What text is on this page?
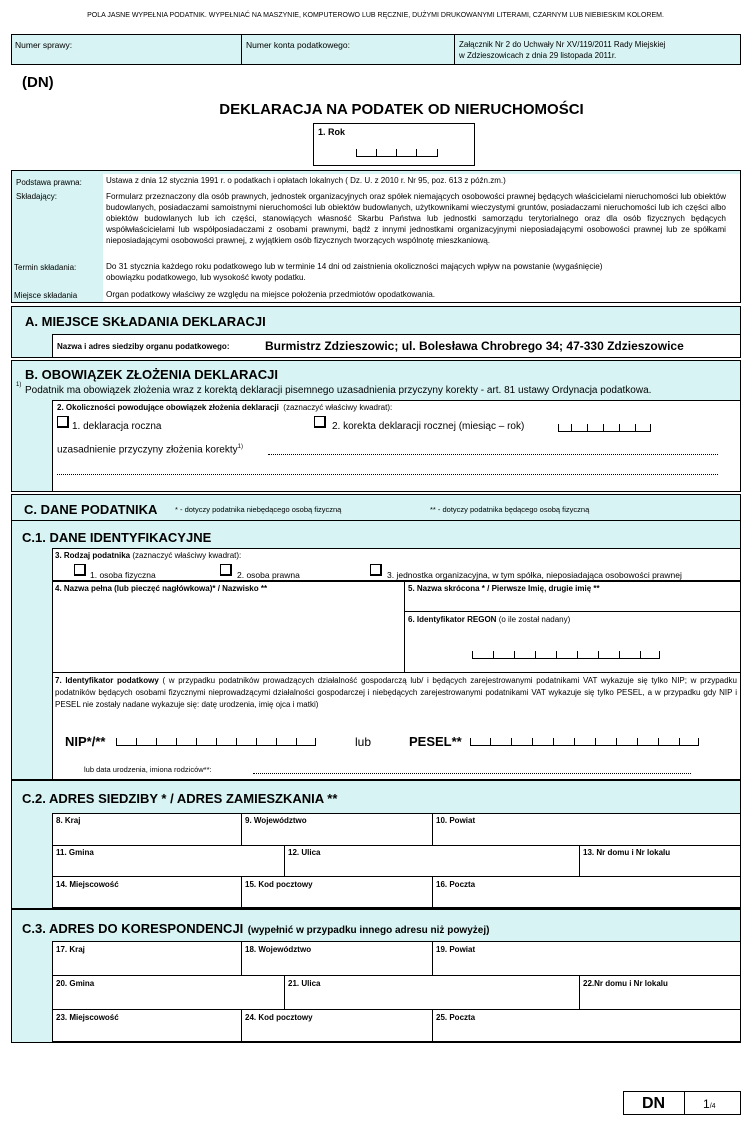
POLA JASNE WYPEŁNIA PODATNIK. WYPEŁNIAĆ NA MASZYNIE, KOMPUTEROWO LUB RĘCZNIE, DUŻYMI DRUKOWANYMI LITERAMI, CZARNYM LUB NIEBIESKIM KOLOREM.
Numer sprawy:	Numer konta podatkowego:	Załącznik Nr 2 do Uchwały Nr XV/119/2011 Rady Miejskiej
w Zdzieszowicach z dnia 29 listopada 2011r.
(DN)
DEKLARACJA NA PODATEK OD NIERUCHOMOŚCI
1. Rok
Podstawa prawna:	Ustawa z dnia 12 stycznia 1991 r. o podatkach i opłatach lokalnych ( Dz. U. z 2010 r. Nr 95, poz. 613 z późn.zm.)
Składający:	Formularz przeznaczony dla osób prawnych, jednostek organizacyjnych oraz spółek niemających osobowości prawnej będących właścicielami nieruchomości lub obiektów budowlanych, posiadaczami samoistnymi nieruchomości lub obiektów budowlanych, użytkownikami wieczystymi gruntów, posiadaczami nieruchomości lub ich części albo obiektów budowlanych lub ich części, stanowiących własność Skarbu Państwa lub jednostki samorządu terytorialnego oraz dla osób fizycznych będących współwłaścicielami lub współposiadaczami z osobami prawnymi, bądź z innymi jednostkami organizacyjnymi nieposiadającymi osobowości prawnej lub ze spółkami nieposiadającymi osobowości prawnej, z wyjątkiem osób fizycznych tworzących wspólnotę mieszkaniową.
Termin składania:	Do 31 stycznia każdego roku podatkowego lub w terminie 14 dni od zaistnienia okoliczności mających wpływ na powstanie (wygaśnięcie)
obowiązku podatkowego, lub wysokość kwoty podatku.
Miejsce składania	Organ podatkowy właściwy ze względu na miejsce położenia przedmiotów opodatkowania.
A. MIEJSCE SKŁADANIA DEKLARACJI
Nazwa i adres siedziby organu podatkowego:	Burmistrz Zdzieszowic; ul. Bolesława Chrobrego 34; 47-330 Zdzieszowice
B. OBOWIĄZEK ZŁOŻENIA DEKLARACJI
1) Podatnik ma obowiązek złożenia wraz z korektą deklaracji pisemnego uzasadnienia przyczyny korekty - art. 81 ustawy Ordynacja podatkowa.
2. Okoliczności powodujące obowiązek złożenia deklaracji (zaznaczyć właściwy kwadrat):
1. deklaracja roczna	2. korekta deklaracji rocznej (miesiąc – rok)
uzasadnienie przyczyny złożenia korekty$^{1)}$
C. DANE PODATNIKA * - dotyczy podatnika niebędącego osobą fizyczną	** - dotyczy podatnika będącego osobą fizyczną
C.1. DANE IDENTYFIKACYJNE
3. Rodzaj podatnika (zaznaczyć właściwy kwadrat):
1. osoba fizyczna	2. osoba prawna	3. jednostka organizacyjna, w tym spółka, nieposiadająca osobowości prawnej
4. Nazwa pełna (lub pieczęć nagłówkowa)* / Nazwisko **	5. Nazwa skrócona * / Pierwsze Imię, drugie imię **
6. Identyfikator REGON (o ile został nadany)
7. Identyfikator podatkowy ( w przypadku podatników prowadzących działalność gospodarczą lub/ i będących zarejestrowanymi podatnikami VAT wykazuje się tylko NIP; w przypadku podatników będących osobami fizycznymi nieprowadzącymi działalności gospodarczej i niebędących zarejestrowanymi podatnikami VAT wykazuje się tylko PESEL, a w przypadku gdy NIP i PESEL nie zostały nadane wykazuje się: datę urodzenia, imię ojca i matki)
NIP*/**	lub	PESEL**
lub data urodzenia, imiona rodziców**:
C.2. ADRES SIEDZIBY * / ADRES ZAMIESZKANIA **
8. Kraj	9. Województwo	10. Powiat
11. Gmina	12. Ulica	13. Nr domu i Nr lokalu
14. Miejscowość	15. Kod pocztowy	16. Poczta
C.3. ADRES DO KORESPONDENCJI (wypełnić w przypadku innego adresu niż powyżej)
17. Kraj	18. Województwo	19. Powiat
20. Gmina	21. Ulica	22.Nr domu i Nr lokalu
23. Miejscowość	24. Kod pocztowy	25. Poczta
DN	1/4
